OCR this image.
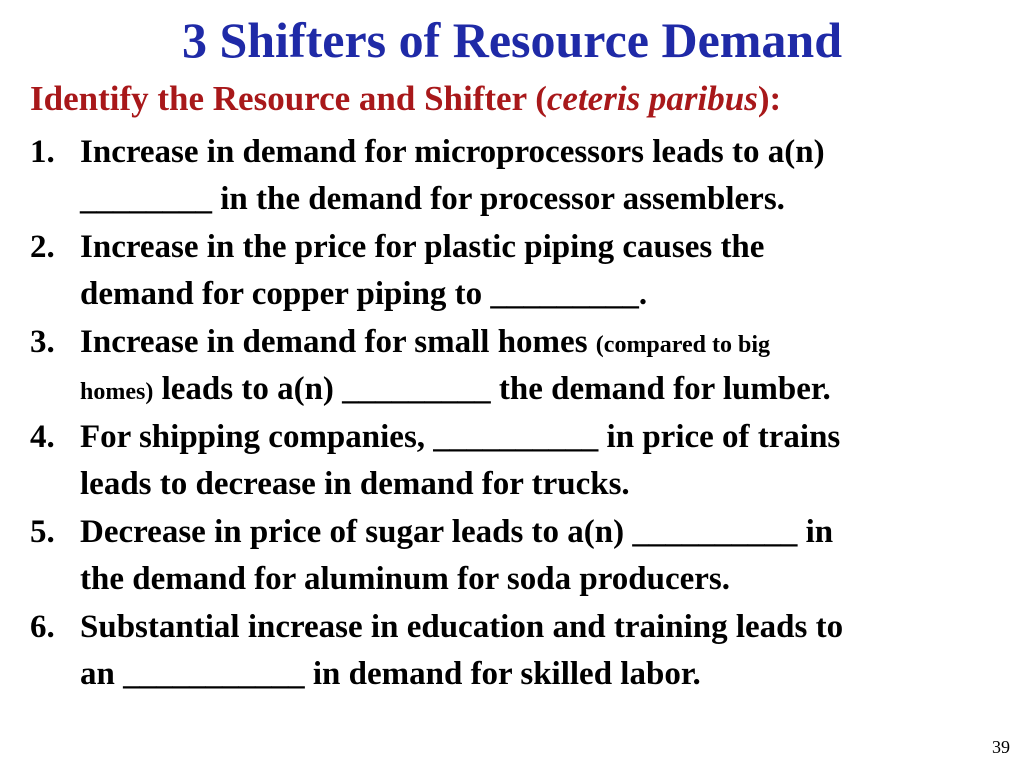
3 Shifters of Resource Demand
Identify the Resource and Shifter (ceteris paribus):
1. Increase in demand for microprocessors leads to a(n)
________ in the demand for processor assemblers.
2. Increase in the price for plastic piping causes the
demand for copper piping to _________.
3. Increase in demand for small homes (compared to big
homes) leads to a(n) _________ the demand for lumber.
4. For shipping companies, __________ in price of trains
leads to decrease in demand for trucks.
5. Decrease in price of sugar leads to a(n) __________ in
the demand for aluminum for soda producers.
6. Substantial increase in education and training leads to
an ___________ in demand for skilled labor.
39
